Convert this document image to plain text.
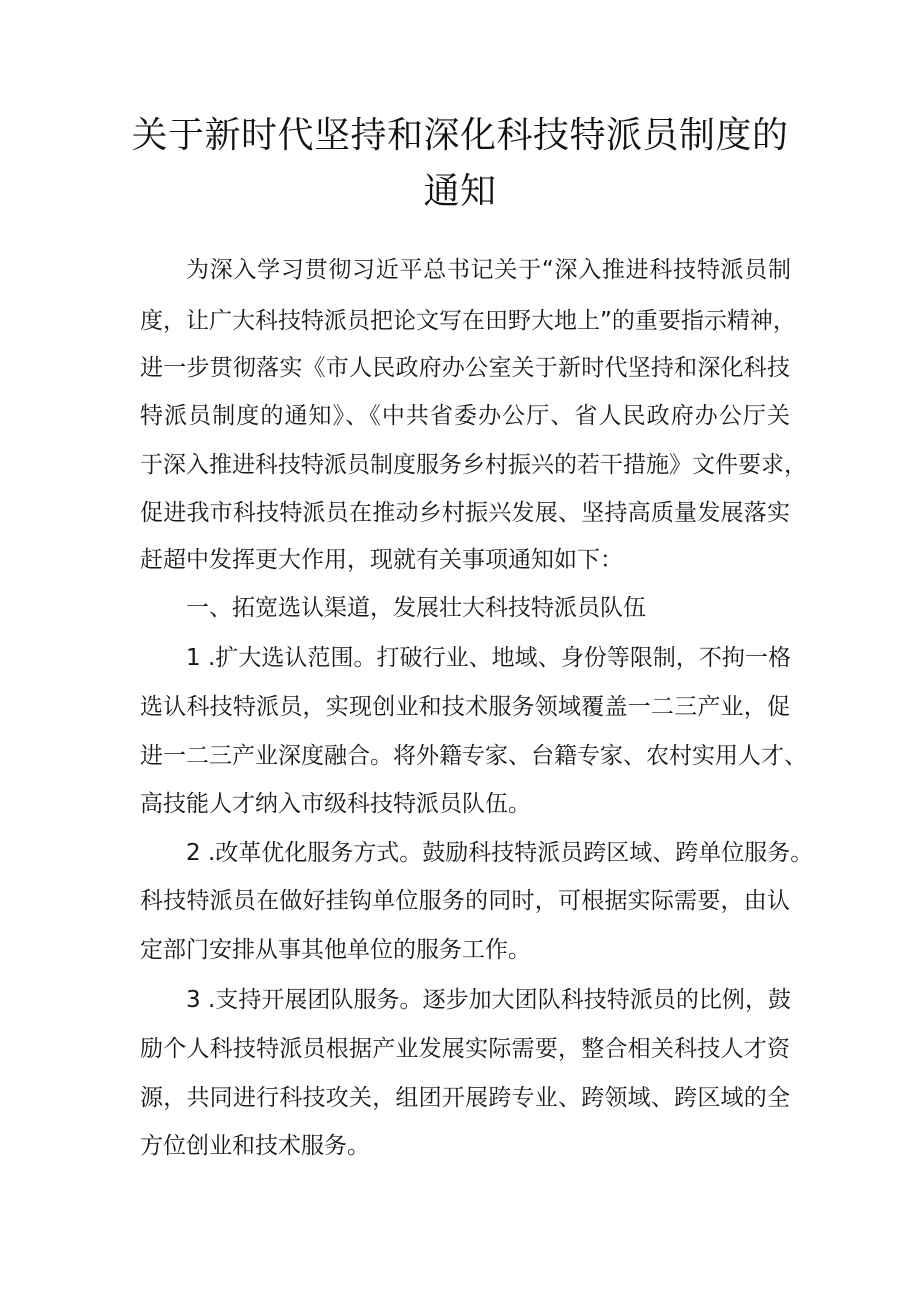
关于新时代坚持和深化科技特派员制度的
通知
为深入学习贯彻习近平总书记关于“深入推进科技特派员制
度，让广大科技特派员把论文写在田野大地上”的重要指示精神，
进一步贯彻落实《市人民政府办公室关于新时代坚持和深化科技
特派员制度的通知》、《中共省委办公厅、省人民政府办公厅关
于深入推进科技特派员制度服务乡村振兴的若干措施》文件要求，
促进我市科技特派员在推动乡村振兴发展、坚持高质量发展落实
赶超中发挥更大作用，现就有关事项通知如下：
一、拓宽选认渠道，发展壮大科技特派员队伍
1 .扩大选认范围。打破行业、地域、身份等限制，不拘一格
选认科技特派员，实现创业和技术服务领域覆盖一二三产业，促
进一二三产业深度融合。将外籍专家、台籍专家、农村实用人才、
高技能人才纳入市级科技特派员队伍。
2 .改革优化服务方式。鼓励科技特派员跨区域、跨单位服务。
科技特派员在做好挂钩单位服务的同时，可根据实际需要，由认
定部门安排从事其他单位的服务工作。
3 .支持开展团队服务。逐步加大团队科技特派员的比例，鼓
励个人科技特派员根据产业发展实际需要，整合相关科技人才资
源，共同进行科技攻关，组团开展跨专业、跨领域、跨区域的全
方位创业和技术服务。
